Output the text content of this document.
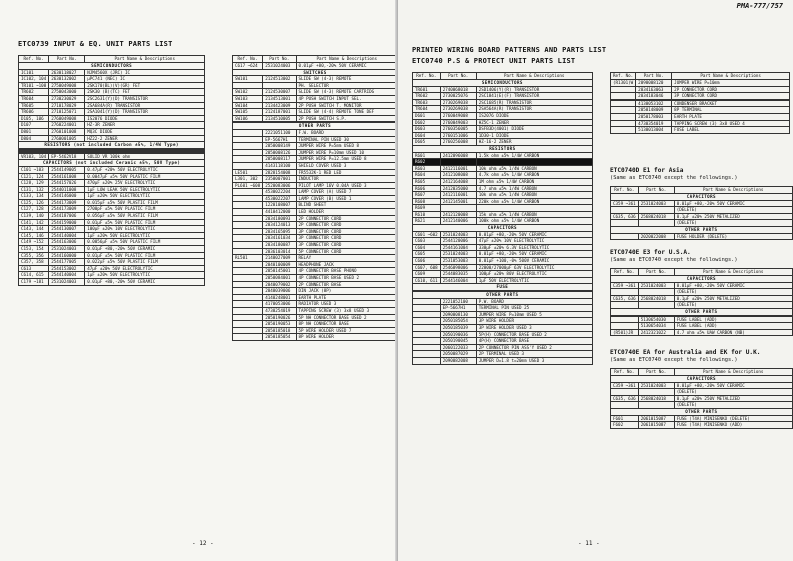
ETC0739 INPUT & EQ. UNIT PARTS LIST
Ref. No.	Part No.	Part Name & Descriptions
SEMICONDUCTORS		
IC101	2630118027	NJM4560X (JRC) IC
IC102, 104	2630132002	μPC741 (NEC) IC
TR101 ~108	2750049008	2SK170(BL)(V)(GR) FET
TR602	2750043000	2SK30 (B)(TC) FET
TR604	2730230029	2SC2631(Y)(D) TRANSISTOR
TR605	2710178029	2SA684A(R) TRANSISTOR
TR606	2710125071	2SA1041(Y)(D) TRANSISTOR
D105, 106	2760049008	IS2076 DIODE
D107	2760224001	HZ-3R ZENER
D801	2760101008	MQ3C DIODE
D804	2760001005	HZ22-2 ZENER
RESISTORS (not included Carbon ±5%, 1/4W Type)		

VR103, 104	EP-5462V18	SOLID VR 100k ohm
CAPACITORS (not included Ceramic ±5%, 50V Type)		
C101 ~103	2544149005	0.47μF +20% 50V ELECTROLYTIC
C121, 124	2544161008	0.0047μF ±5% 50V PLASTIC FILM
C128, 129	2544157026	470μF ±20% 25V ELECTROLYTIC
C131, 132	2544011008	1μF LOW LEAK 50V ELECTROLYTIC
C133, 134	2544146000	1μF ±20% 50V ELECTROLYTIC
C125, 126	2544173009	0.015μF ±5% 50V PLASTIC FILM
C127, 128	2544173009	2700pF ±5% 50V PLASTIC FILM
C139, 140	2544187006	0.056μF ±5% 50V PLASTIC FILM
C141, 142	2544159000	0.01μF ±5% 50V PLASTIC FILM
C143, 144	2544130007	100μF ±20% 10V ELECTROLYTIC
C145, 146	2544140004	1μF ±20% 50V ELECTROLYTIC
C149 ~152	2544163006	0.0056μF ±5% 50V PLASTIC FILM
C153, 154	2531024003	0.01μF +80,-20% 50V CERAMIC
C355, 356	2544160000	0.01μF ±5% 50V PLASTIC FILM
C357, 358	2544177005	0.022μF ±5% 50V PLASTIC FILM
C613	2544153002	47μF ±20% 50V ELECTROLYTIC
C614, 615	2544140004	1μF ±20% 50V ELECTROLYTIC
C179 ~181	2531024003	0.01μF +80,-20% 50V CERAMIC
Ref. No.	Part No.	Part Name & Descriptions
C617 ~624	2531024003	0.01μF +80,-20% 50V CERAMIC
SWITCHES		
SW101	2124513002	SLIDE SW (4-3) REMOTE
		PH. SELECTOR
SW102	2124530007	SLIDE SW (4-3) REMOTE CARTRIDG
SW103	2134513001	4P PUSH SWITCH INPUT SEL.
SW104	2134423009	2P PUSH SWITCH T. MONITOR
SW105	2124187001	SLIDE SW (4-4) REMOTE TONE DEF
SW106	2134510005	2P PUSH SWITCH S.P.

OTHER PARTS		
	2221051100	F.W. BOARD
	EP-5667H1	TERMINAL PIN USED 30
	2050008149	JUMPER WIRE P=5mm USED 8
	2050008126	JUMPER WIRE P=10mm USED 10
	2050008117	JUMPER WIRE P=12.5mm USED 8
	4143118100	SHIELD COVER USED 3
LE501	2828154008	FR5532K-1 RED LED
L301, 302	2350007001	INDUCTOR
PL601 ~608	2520083006	PILOT LAMP 16V 0.04A USED 3
	4530022204	LAMP COVER (A) USED 7
	4530022207	LAMP COVER (B) USED 1
	1220108007	BLIND SHEET
	4410412000	LED HOLDER
	2034180093	2P CONNECTOR CORD
	2034124013	2P CONNECTOR CORD
	2034165095	3P CONNECTOR CORD
	2034161034	3P CONNECTOR CORD
	2034180087	3P CONNECTOR CORD
	2036103014	5P CONNECTOR CORD
RL501	2140027009	RELAY
	2040100009	HEADPHONE JACK
	2050145001	4P CONNECTOR BASE PHONO
	2050084001	4P CONNECTOR BASE USED 2
	2040079002	2P CONNECTOR BASE
	2040039006	DIN JACK (8P)
	4140248001	EARTH PLATE
	4170053006	RADIATOR USED 3
	4730254019	TAPPING SCREW (3) 3x8 USED 3
	2050190026	5P NH CONNECTOR BASE USED 2
	2050190053	8P NH CONNECTOR BASE
	2050185018	5P WIRE HOLDER USED 7
	2050185054	8P WIRE HOLDER
- 12 -
PMA-777/757
PRINTED WIRING BOARD PATTERNS AND PARTS LIST
ETC0740 P.S & PROTECT UNIT PARTS LIST
Ref. No.	Part No.	Part Name & Descriptions
SEMICONDUCTORS		
TR601	2740068018	2SD1406(Y)(R) TRANSISTOR
TR602	2730025076	2SC1841(E)(F) TRANSISTOR
TR603	2730269038	2SC1685(R) TRANSISTOR
TR604	2730269038	2SA564A(R) TRANSISTOR
D601	2760049008	IS2076 DIODE
D602	2760049003	HZ5C-1 ZENER
D603	2760356005	DSFB3D(4001) DIODE
D604	2760151006	1D30-1 DIODE
D605	2760256008	HZ-16-2 ZENER
RESISTORS		
R601	2412096008	1.5k ohm ±5% 1/4W CARBON
R602		
R603	2412116001	10k ohm ±5% 1/4W CARBON
R604	2412108008	4.7k ohm ±5% 1/4W CARBON
R605	2412164008	1M ohm ±5% 1/4W CARBON
R606	2412035000	4.7 ohm ±5% 1/4W CARBON
R607	2412116001	10k ohm ±5% 1/4W CARBON
R608	2412145001	220k ohm ±5% 1/4W CARBON
R609		
R610	2412120008	15k ohm ±5% 1/4W CARBON
R621	2412140006	100k ohm ±5% 1/4W CARBON
CAPACITORS		
C601 ~602	2531024003	0.01μF +80,-20% 50V CERAMIC
C603	2544120006	47μF ±20% 10V ELECTROLYTIC
C604	2544161004	330μF ±20% 6.3V ELECTROLYTIC
C605	2531024003	0.01μF +80,-20% 50V CERAMIC
C606	2531053003	0.01μF +100,-0% 500V CERAMIC
C607, 608	2546098006	22000/27000μF 63V ELECTROLYTIC
C609	2544083035	100μF ±20% 80V ELECTROLYTIC
C610, 611	2544146004	1μF 50V ELECTROLYTIC
FUSE		

OTHER PARTS		
	2221052100	P.W. BOARD
	EP-5667H1	TERMINAL PIN USED 25
	2090008130	JUMPER WIRE P=10mm USED 5
	2050185054	3P WIRE HOLDER
	2050185039	3P WIRE HOLDER USED 3
	2050190036	5P(H) CONNECTOR BASE USED 2
	2050190045	4P(H) CONNECTOR BASE
	2060122033	2P CONNECTOR PIN ASS'Y USED 2
	2050087029	2P TERMINAL USED 3
	2090082008	JUMPER D=1.8 t=20mm USED 3
Ref. No.	Part No.	Part Name & Descriptions
(R1301)W	2090008120	JUMPER WIRE P=10mm
	2034163063	2P CONNECTOR CORD
	2034183046	3P CONNECTOR CORD

	4130053102	CONDENSER BRACKET
	2050148009	8P TERMINAL
	2050178003	EARTH PLATE
	4730354019	TAPPING SCREW (3) 3x8 USED 4
	5130013004	FUSE LABEL
ETC0740D E1 for Asia
(Same as ETC0740 except the followings.)
Ref. No.	Part No.	Part Name & Descriptions
CAPACITORS		
C359 ~361	2531024003	0.01μF +80,-20% 50V CERAMIC
		(DELETE)
C635, 636	2568024018	0.1μF ±20% 250V METALIZED
		(DELETE)
OTHER PARTS		
	2020022008	FUSE HOLDER (DELETE)
ETC0740E E3 for U.S.A.
(Same as ETC0740 except the followings.)
Ref. No.	Part No.	Part Name & Descriptions
CAPACITORS		
C359 ~361	2531024003	0.01μF +80,-20% 50V CERAMIC
		(DELETE)
C635, 636	2568024018	0.1μF ±20% 250V METALIZED
		(DELETE)
OTHER PARTS		

	5130654030	FUSE LABEL (ADD)
	5130654034	FUSE LABEL (ADD)
(R501)JR	2412321022	4.7 ohm ±5% UAW CARBON (NB)
ETC0740E EA for Australia and EK for U.K.
(Same as ETC0740 except the followings.)
Ref. No.	Part No.	Part Name & Descriptions
CAPACITORS		
C359 ~361	2531024003	0.01μF +80,-20% 50V CERAMIC
		(DELETE)
C635, 636	2568024018	0.1μF ±20% 250V METALIZED
		(DELETE)
OTHER PARTS		
F601	2061015087	FUSE (T4A) MINISENKO (DELETE)
F602	2061015087	FUSE (T4A) MINISENKO (ADD)
- 11 -
